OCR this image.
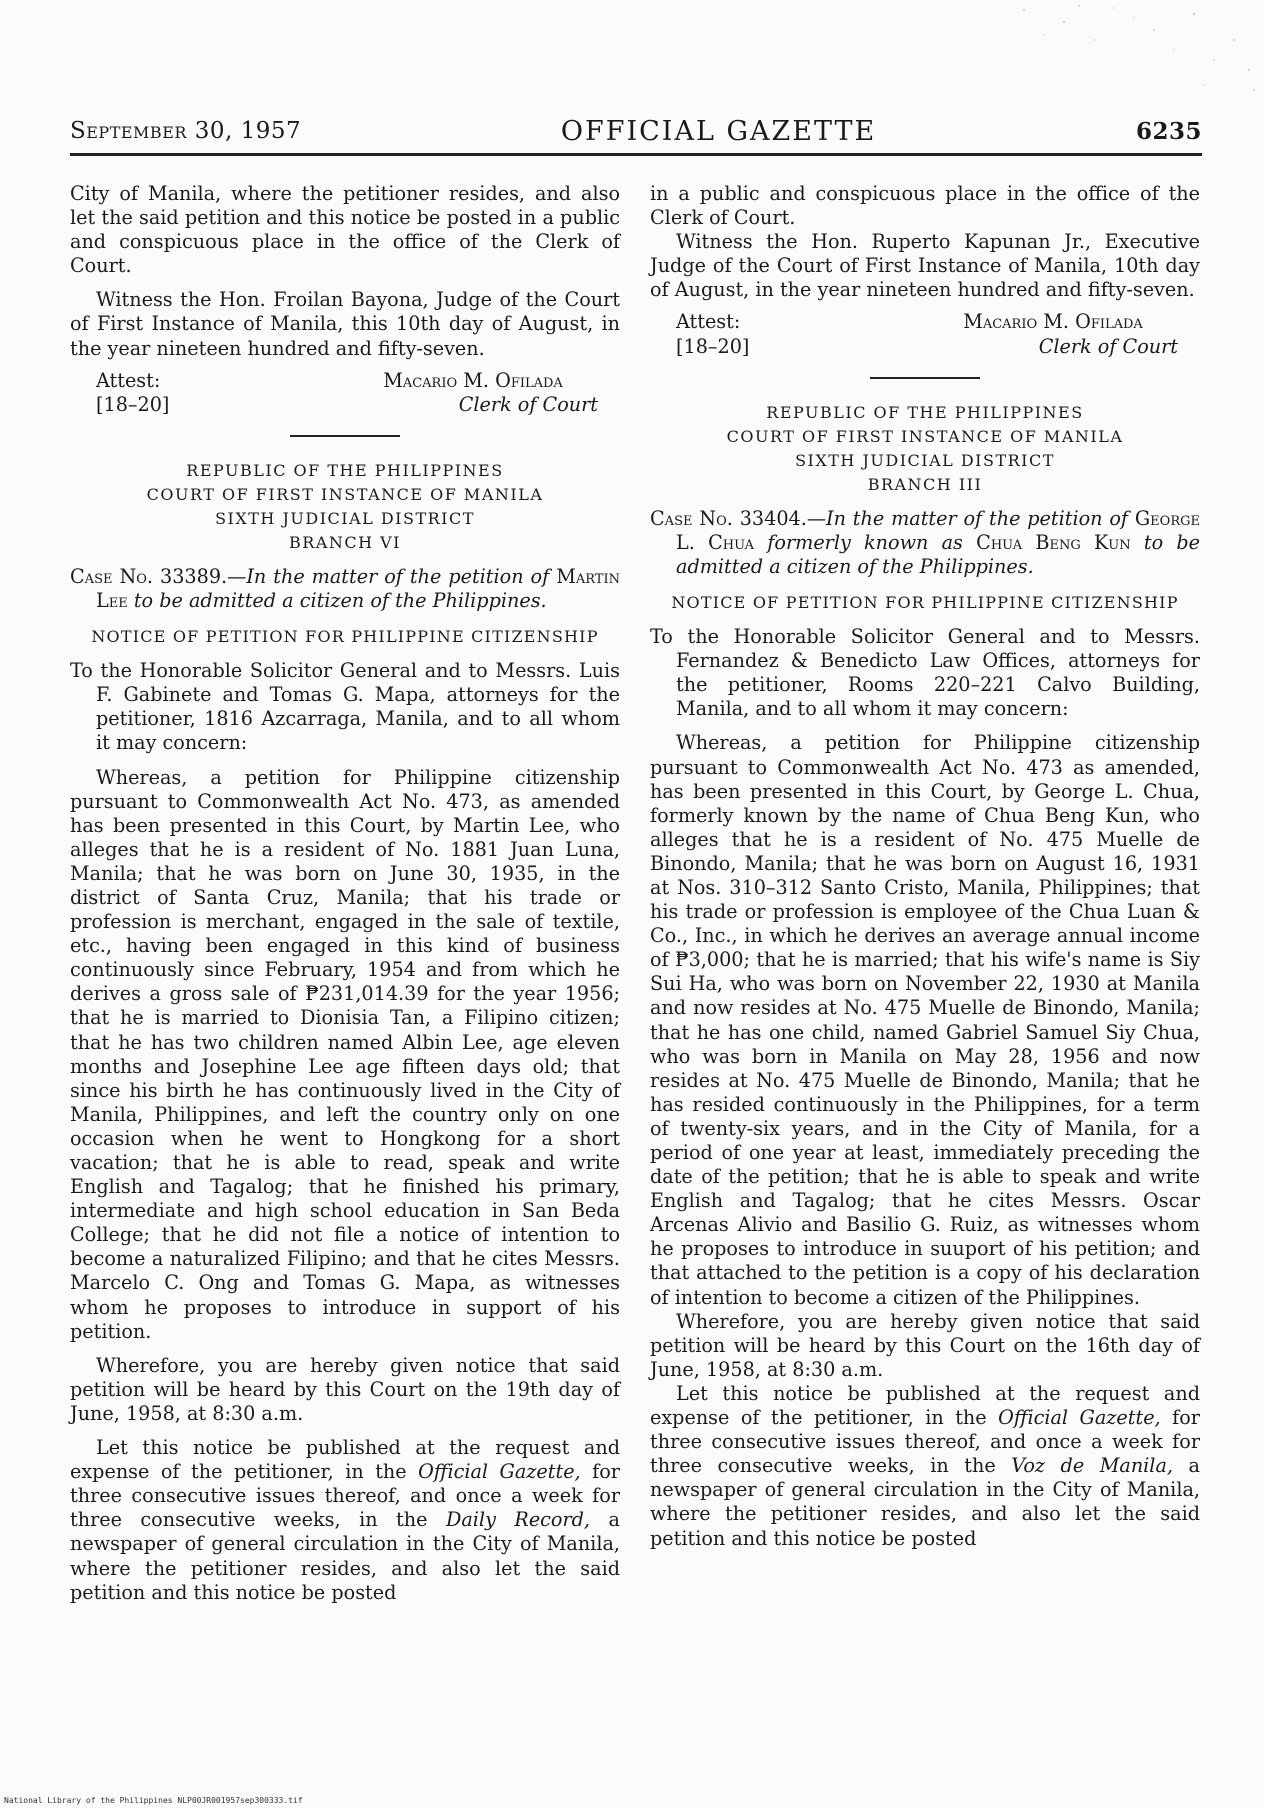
September 30, 1957	OFFICIAL GAZETTE	6235

City of Manila, where the petitioner resides, and also let the said petition and this notice be posted in a public and conspicuous place in the office of the Clerk of Court.

Witness the Hon. Froilan Bayona, Judge of the Court of First Instance of Manila, this 10th day of August, in the year nineteen hundred and fifty-seven.

Attest:	Macario M. Ofilada
[18–20]	Clerk of Court
REPUBLIC OF THE PHILIPPINES
COURT OF FIRST INSTANCE OF MANILA
SIXTH JUDICIAL DISTRICT
BRANCH VI

Case No. 33389.—In the matter of the petition of Martin Lee to be admitted a citizen of the Philippines.

NOTICE OF PETITION FOR PHILIPPINE CITIZENSHIP

To the Honorable Solicitor General and to Messrs. Luis F. Gabinete and Tomas G. Mapa, attorneys for the petitioner, 1816 Azcarraga, Manila, and to all whom it may concern:

Whereas, a petition for Philippine citizenship pursuant to Commonwealth Act No. 473, as amended has been presented in this Court, by Martin Lee, who alleges that he is a resident of No. 1881 Juan Luna, Manila; that he was born on June 30, 1935, in the district of Santa Cruz, Manila; that his trade or profession is merchant, engaged in the sale of textile, etc., having been engaged in this kind of business continuously since February, 1954 and from which he derives a gross sale of ₱231,014.39 for the year 1956; that he is married to Dionisia Tan, a Filipino citizen; that he has two children named Albin Lee, age eleven months and Josephine Lee age fifteen days old; that since his birth he has continuously lived in the City of Manila, Philippines, and left the country only on one occasion when he went to Hongkong for a short vacation; that he is able to read, speak and write English and Tagalog; that he finished his primary, intermediate and high school education in San Beda College; that he did not file a notice of intention to become a naturalized Filipino; and that he cites Messrs. Marcelo C. Ong and Tomas G. Mapa, as witnesses whom he proposes to introduce in support of his petition.

Wherefore, you are hereby given notice that said petition will be heard by this Court on the 19th day of June, 1958, at 8:30 a.m.

Let this notice be published at the request and expense of the petitioner, in the Official Gazette, for three consecutive issues thereof, and once a week for three consecutive weeks, in the Daily Record, a newspaper of general circulation in the City of Manila, where the petitioner resides, and also let the said petition and this notice be posted

in a public and conspicuous place in the office of the Clerk of Court.

Witness the Hon. Ruperto Kapunan Jr., Executive Judge of the Court of First Instance of Manila, 10th day of August, in the year nineteen hundred and fifty-seven.

Attest:	Macario M. Ofilada
[18–20]	Clerk of Court
REPUBLIC OF THE PHILIPPINES
COURT OF FIRST INSTANCE OF MANILA
SIXTH JUDICIAL DISTRICT
BRANCH III

Case No. 33404.—In the matter of the petition of George L. Chua formerly known as Chua Beng Kun to be admitted a citizen of the Philippines.

NOTICE OF PETITION FOR PHILIPPINE CITIZENSHIP

To the Honorable Solicitor General and to Messrs. Fernandez & Benedicto Law Offices, attorneys for the petitioner, Rooms 220–221 Calvo Building, Manila, and to all whom it may concern:

Whereas, a petition for Philippine citizenship pursuant to Commonwealth Act No. 473 as amended, has been presented in this Court, by George L. Chua, formerly known by the name of Chua Beng Kun, who alleges that he is a resident of No. 475 Muelle de Binondo, Manila; that he was born on August 16, 1931 at Nos. 310–312 Santo Cristo, Manila, Philippines; that his trade or profession is employee of the Chua Luan & Co., Inc., in which he derives an average annual income of ₱3,000; that he is married; that his wife's name is Siy Sui Ha, who was born on November 22, 1930 at Manila and now resides at No. 475 Muelle de Binondo, Manila; that he has one child, named Gabriel Samuel Siy Chua, who was born in Manila on May 28, 1956 and now resides at No. 475 Muelle de Binondo, Manila; that he has resided continuously in the Philippines, for a term of twenty-six years, and in the City of Manila, for a period of one year at least, immediately preceding the date of the petition; that he is able to speak and write English and Tagalog; that he cites Messrs. Oscar Arcenas Alivio and Basilio G. Ruiz, as witnesses whom he proposes to introduce in suuport of his petition; and that attached to the petition is a copy of his declaration of intention to become a citizen of the Philippines.

Wherefore, you are hereby given notice that said petition will be heard by this Court on the 16th day of June, 1958, at 8:30 a.m.

Let this notice be published at the request and expense of the petitioner, in the Official Gazette, for three consecutive issues thereof, and once a week for three consecutive weeks, in the Voz de Manila, a newspaper of general circulation in the City of Manila, where the petitioner resides, and also let the said petition and this notice be posted

National Library of the Philippines NLP00JR001957sep300333.tif
